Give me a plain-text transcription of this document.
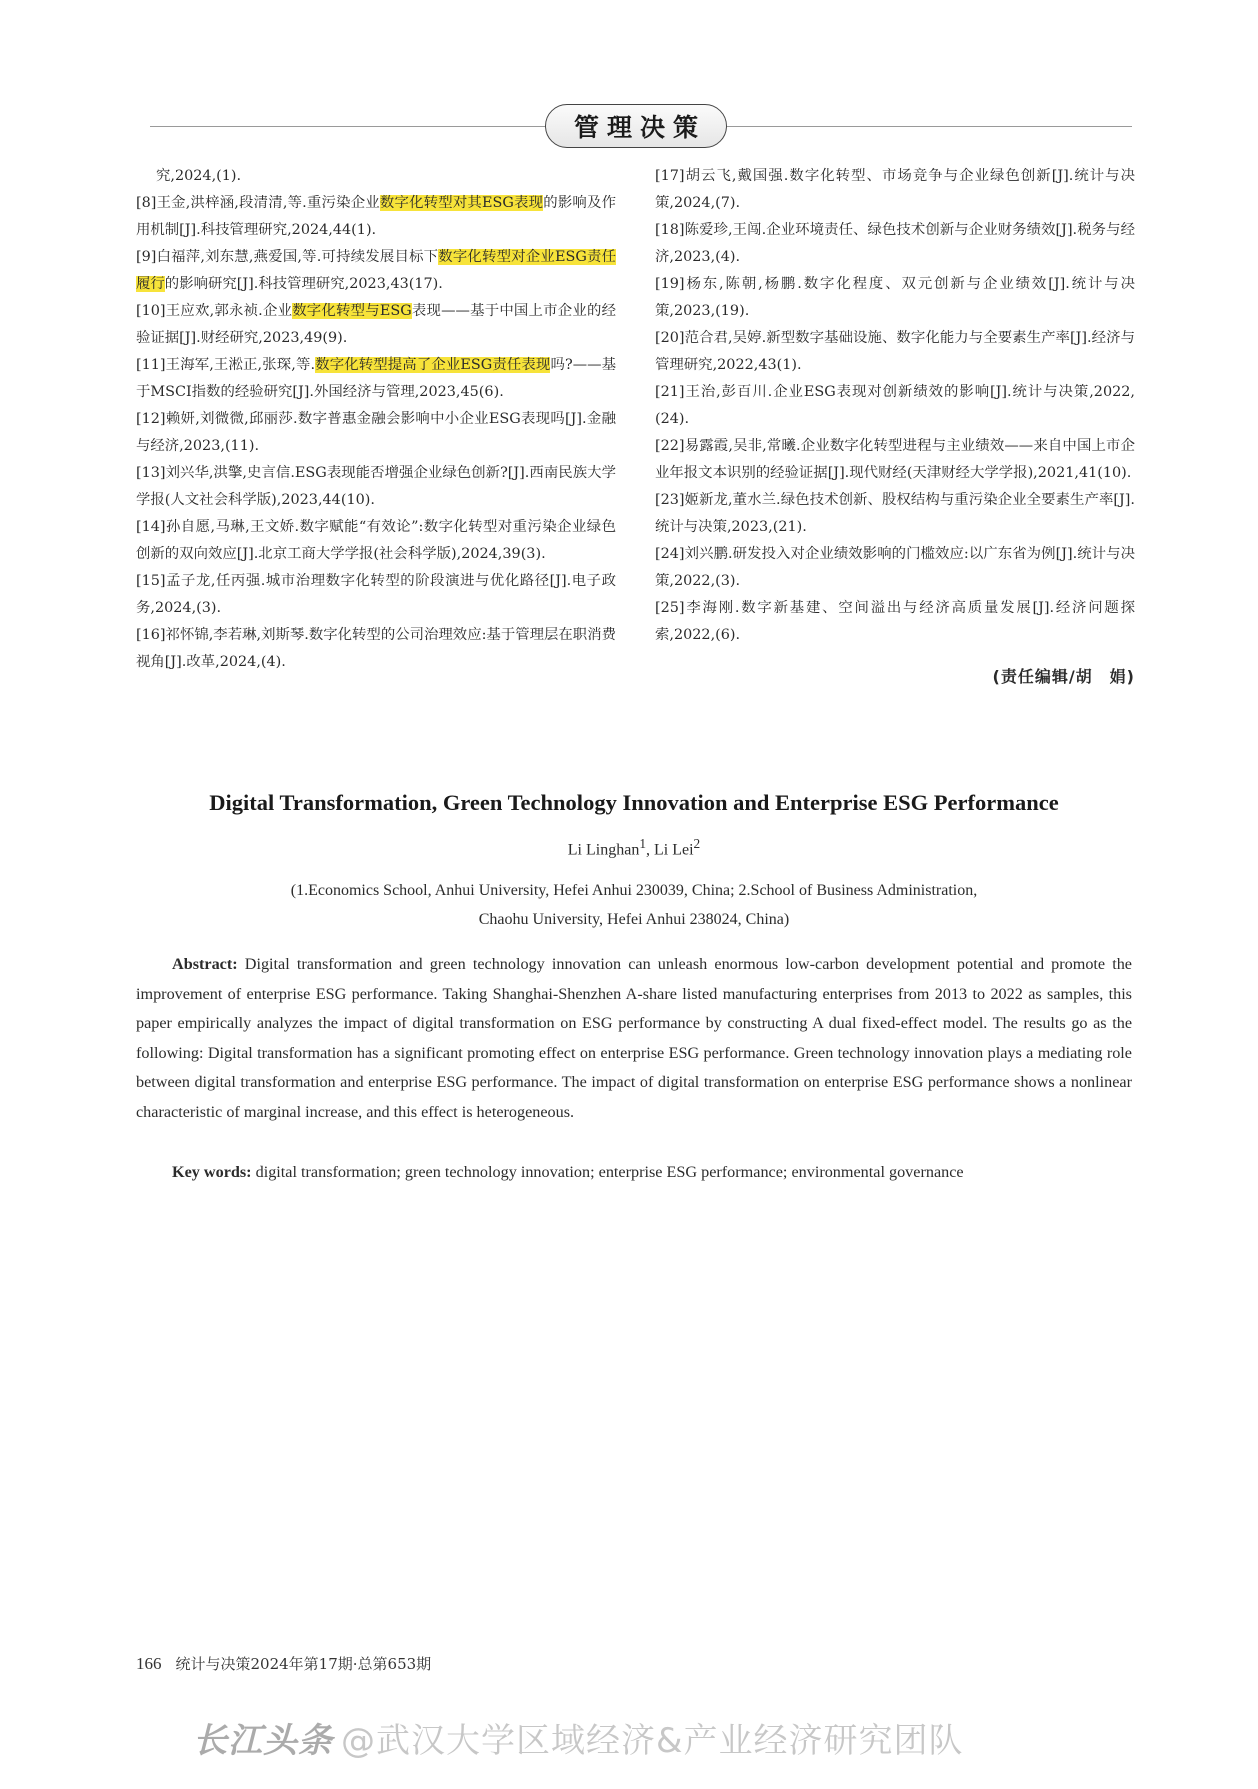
管理决策

究,2024,(1).

[8]王金,洪梓涵,段清清,等.重污染企业数字化转型对其ESG表现的影响及作用机制[J].科技管理研究,2024,44(1).

[9]白福萍,刘东慧,燕爱国,等.可持续发展目标下数字化转型对企业ESG责任履行的影响研究[J].科技管理研究,2023,43(17).

[10]王应欢,郭永祯.企业数字化转型与ESG表现——基于中国上市企业的经验证据[J].财经研究,2023,49(9).

[11]王海军,王淞正,张琛,等.数字化转型提高了企业ESG责任表现吗?——基于MSCI指数的经验研究[J].外国经济与管理,2023,45(6).

[12]赖妍,刘微微,邱丽莎.数字普惠金融会影响中小企业ESG表现吗[J].金融与经济,2023,(11).

[13]刘兴华,洪擎,史言信.ESG表现能否增强企业绿色创新?[J].西南民族大学学报(人文社会科学版),2023,44(10).

[14]孙自愿,马琳,王文娇.数字赋能“有效论”:数字化转型对重污染企业绿色创新的双向效应[J].北京工商大学学报(社会科学版),2024,39(3).

[15]孟子龙,任丙强.城市治理数字化转型的阶段演进与优化路径[J].电子政务,2024,(3).

[16]祁怀锦,李若琳,刘斯琴.数字化转型的公司治理效应:基于管理层在职消费视角[J].改革,2024,(4).

[17]胡云飞,戴国强.数字化转型、市场竞争与企业绿色创新[J].统计与决策,2024,(7).

[18]陈爱珍,王闯.企业环境责任、绿色技术创新与企业财务绩效[J].税务与经济,2023,(4).

[19]杨东,陈朝,杨鹏.数字化程度、双元创新与企业绩效[J].统计与决策,2023,(19).

[20]范合君,吴婷.新型数字基础设施、数字化能力与全要素生产率[J].经济与管理研究,2022,43(1).

[21]王治,彭百川.企业ESG表现对创新绩效的影响[J].统计与决策,2022,(24).

[22]易露霞,吴非,常曦.企业数字化转型进程与主业绩效——来自中国上市企业年报文本识别的经验证据[J].现代财经(天津财经大学学报),2021,41(10).

[23]姬新龙,董水兰.绿色技术创新、股权结构与重污染企业全要素生产率[J].统计与决策,2023,(21).

[24]刘兴鹏.研发投入对企业绩效影响的门槛效应:以广东省为例[J].统计与决策,2022,(3).

[25]李海刚.数字新基建、空间溢出与经济高质量发展[J].经济问题探索,2022,(6).

(责任编辑/胡　娟)
Digital Transformation, Green Technology Innovation and Enterprise ESG Performance
Li Linghan$^1$, Li Lei$^2$
(1.Economics School, Anhui University, Hefei Anhui 230039, China; 2.School of Business Administration,
Chaohu University, Hefei Anhui 238024, China)
Abstract: Digital transformation and green technology innovation can unleash enormous low-carbon development potential and promote the improvement of enterprise ESG performance. Taking Shanghai-Shenzhen A-share listed manufacturing enterprises from 2013 to 2022 as samples, this paper empirically analyzes the impact of digital transformation on ESG performance by constructing A dual fixed-effect model. The results go as the following: Digital transformation has a significant promoting effect on enterprise ESG performance. Green technology innovation plays a mediating role between digital transformation and enterprise ESG performance. The impact of digital transformation on enterprise ESG performance shows a nonlinear characteristic of marginal increase, and this effect is heterogeneous.
Key words: digital transformation; green technology innovation; enterprise ESG performance; environmental governance
166 统计与决策2024年第17期·总第653期
长江头条 @武汉大学区域经济&产业经济研究团队
